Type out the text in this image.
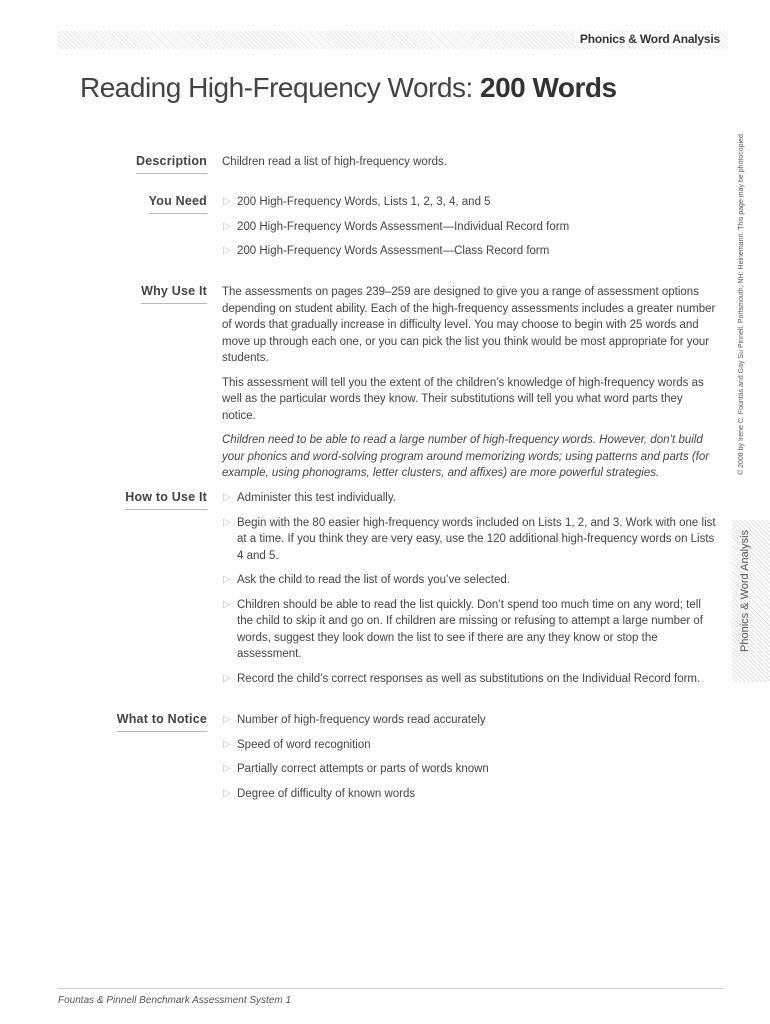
Phonics & Word Analysis
Reading High-Frequency Words: 200 Words
Description Children read a list of high-frequency words.

You Need ▷ 200 High-Frequency Words, Lists 1, 2, 3, 4, and 5
▷ 200 High-Frequency Words Assessment—Individual Record form
▷ 200 High-Frequency Words Assessment—Class Record form
Why Use It The assessments on pages 239–259 are designed to give you a range of assessment options depending on student ability. Each of the high-frequency assessments includes a greater number of words that gradually increase in difficulty level. You may choose to begin with 25 words and move up through each one, or you can pick the list you think would be most appropriate for your students.

This assessment will tell you the extent of the children’s knowledge of high-frequency words as well as the particular words they know. Their substitutions will tell you what word parts they notice.

Children need to be able to read a large number of high-frequency words. However, don’t build your phonics and word-solving program around memorizing words; using patterns and parts (for example, using phonograms, letter clusters, and affixes) are more powerful strategies.

How to Use It ▷ Administer this test individually.
▷ Begin with the 80 easier high-frequency words included on Lists 1, 2, and 3. Work with one list at a time. If you think they are very easy, use the 120 additional high-frequency words on Lists 4 and 5.
▷ Ask the child to read the list of words you’ve selected.
▷ Children should be able to read the list quickly. Don’t spend too much time on any word; tell the child to skip it and go on. If children are missing or refusing to attempt a large number of words, suggest they look down the list to see if there are any they know or stop the assessment.
▷ Record the child’s correct responses as well as substitutions on the Individual Record form.
What to Notice ▷ Number of high-frequency words read accurately
▷ Speed of word recognition
▷ Partially correct attempts or parts of words known
▷ Degree of difficulty of known words
© 2008 by Irene C. Fountas and Gay Su Pinnell. Portsmouth, NH: Heinemann. This page may be photocopied.
Phonics & Word Analysis
Fountas & Pinnell Benchmark Assessment System 1
